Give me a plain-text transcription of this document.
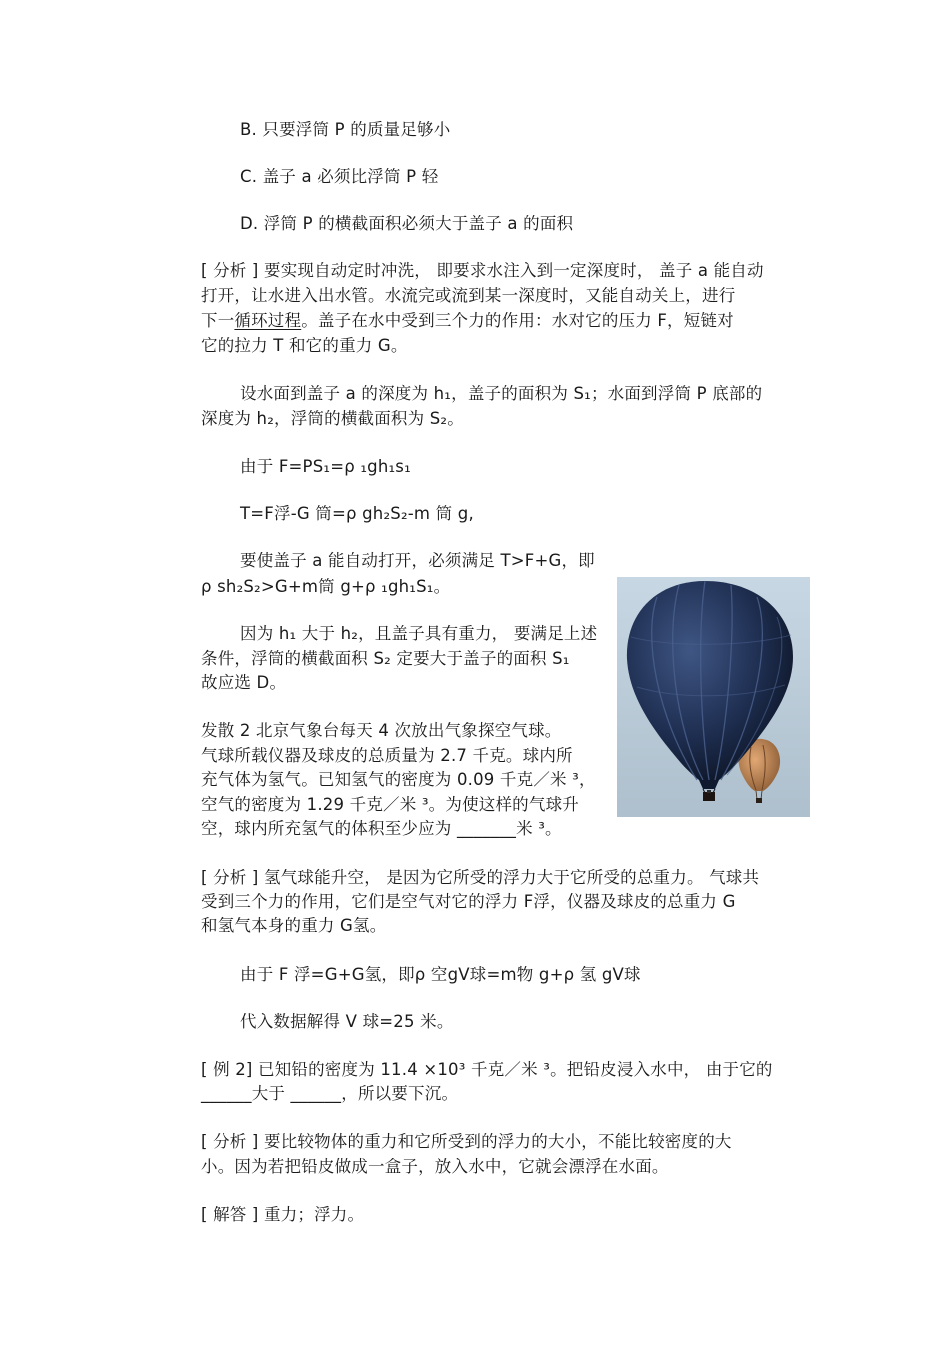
B. 只要浮筒 P 的质量足够小
C. 盖子 a 必须比浮筒 P 轻
D. 浮筒 P 的横截面积必须大于盖子 a 的面积
[ 分析 ] 要实现自动定时冲洗， 即要求水注入到一定深度时， 盖子 a 能自动
打开，让水进入出水管。水流完或流到某一深度时，又能自动关上，进行
下一循环过程。盖子在水中受到三个力的作用：水对它的压力 F，短链对
它的拉力 T 和它的重力 G。
设水面到盖子 a 的深度为 h₁，盖子的面积为 S₁；水面到浮筒 P 底部的
深度为 h₂，浮筒的横截面积为 S₂。
由于 F=PS₁=ρ ₁gh₁s₁
T=F浮-G 筒=ρ gh₂S₂-m 筒 g,
要使盖子 a 能自动打开，必须满足 T>F+G，即
ρ sh₂S₂>G+m筒 g+ρ ₁gh₁S₁。
因为 h₁ 大于 h₂，且盖子具有重力， 要满足上述
条件，浮筒的横截面积 S₂ 定要大于盖子的面积 S₁
故应选 D。
发散 2 北京气象台每天 4 次放出气象探空气球。
气球所载仪器及球皮的总质量为 2.7 千克。球内所
充气体为氢气。已知氢气的密度为 0.09 千克／米 ³，
空气的密度为 1.29 千克／米 ³。为使这样的气球升
空，球内所充氢气的体积至少应为 _______米 ³。
[ 分析 ] 氢气球能升空， 是因为它所受的浮力大于它所受的总重力。 气球共
受到三个力的作用，它们是空气对它的浮力 F浮，仪器及球皮的总重力 G
和氢气本身的重力 G氢。
由于 F 浮=G+G氢，即ρ 空gV球=m物 g+ρ 氢 gV球
代入数据解得 V 球=25 米。
[ 例 2] 已知铅的密度为 11.4 ×10³ 千克／米 ³。把铅皮浸入水中， 由于它的
______大于 ______，所以要下沉。
[ 分析 ] 要比较物体的重力和它所受到的浮力的大小，不能比较密度的大
小。因为若把铅皮做成一盒子，放入水中，它就会漂浮在水面。
[ 解答 ] 重力；浮力。
